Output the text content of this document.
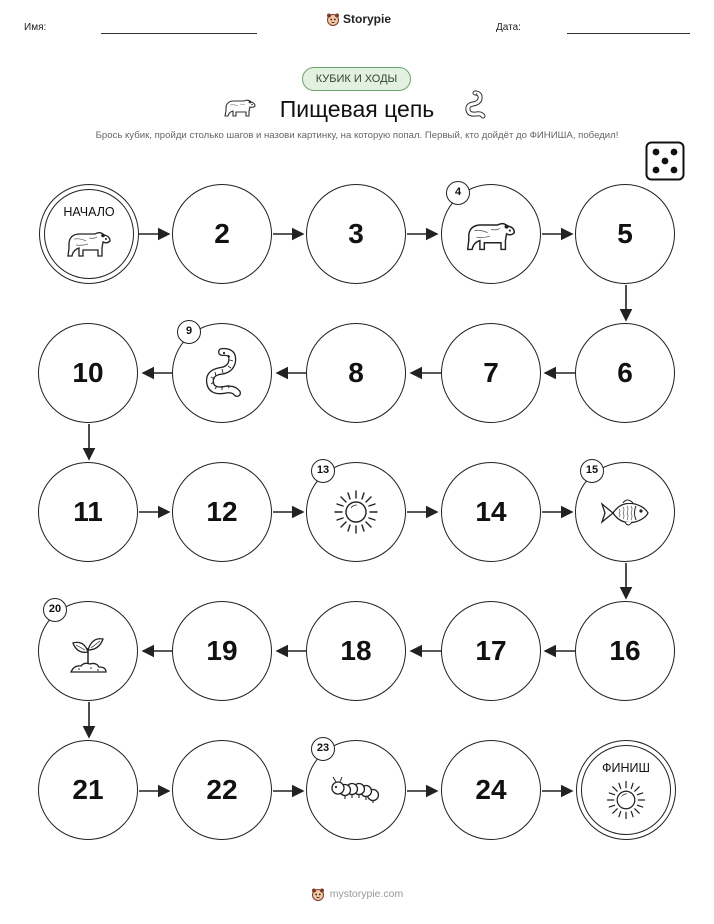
Имя:
Storypie
Дата:
КУБИК И ХОДЫ
Пищевая цепь
Брось кубик, пройди столько шагов и назови картинку, на которую попал. Первый, кто дойдёт до ФИНИША, победил!
НАЧАЛО
2	3
4
5
6
7
8
9
10
11	12
13
14
15
16
17
18
19
20
21	22
23
24
ФИНИШ
mystorypie.com
